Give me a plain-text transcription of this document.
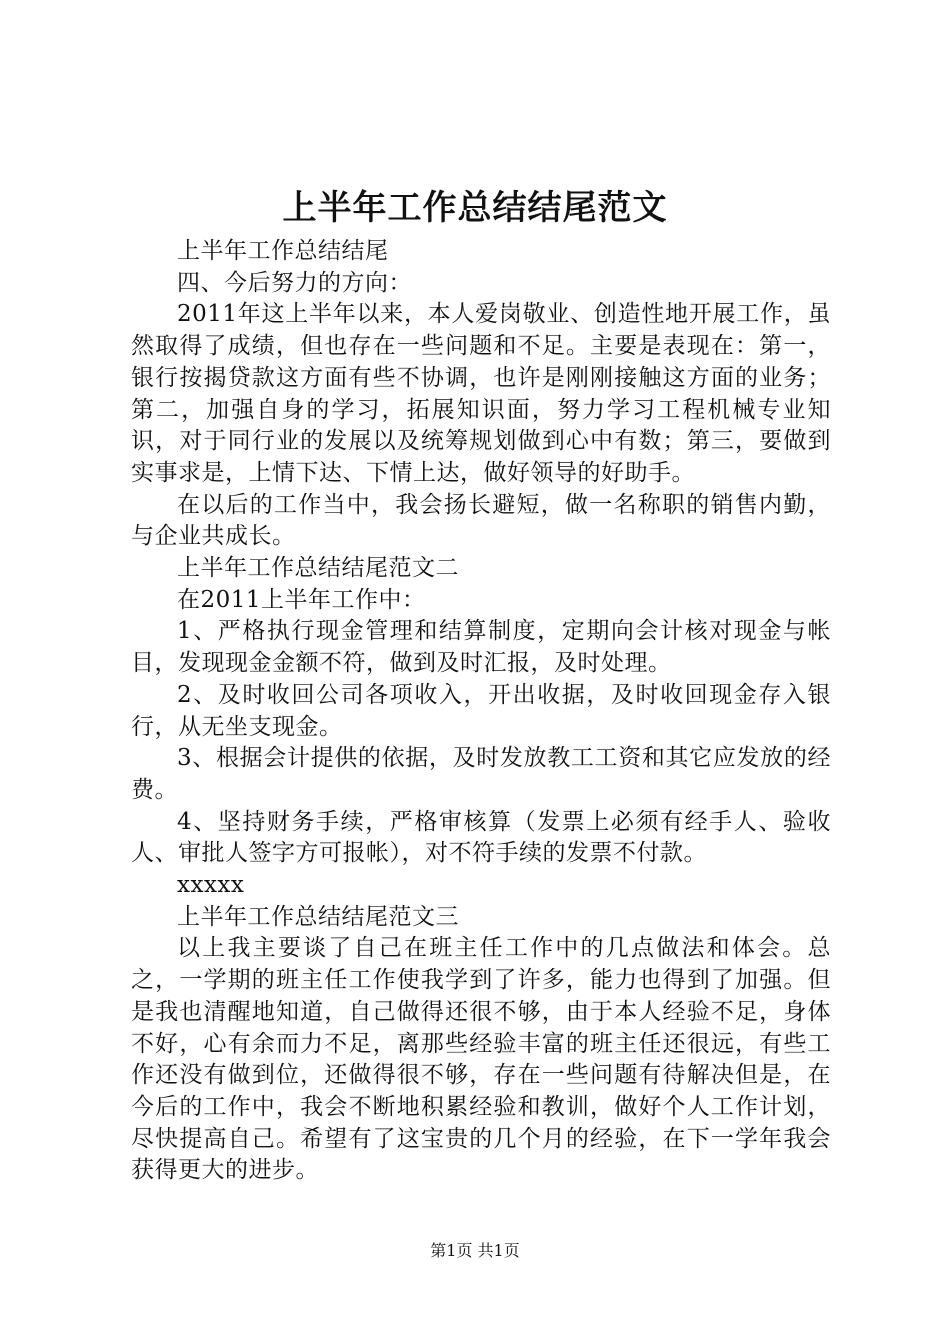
上半年工作总结结尾范文

上半年工作总结结尾

四、今后努力的方向：

2011年这上半年以来，本人爱岗敬业、创造性地开展工作，虽然取得了成绩，但也存在一些问题和不足。主要是表现在：第一，银行按揭贷款这方面有些不协调，也许是刚刚接触这方面的业务；第二，加强自身的学习，拓展知识面，努力学习工程机械专业知识，对于同行业的发展以及统筹规划做到心中有数；第三，要做到实事求是，上情下达、下情上达，做好领导的好助手。

在以后的工作当中，我会扬长避短，做一名称职的销售内勤，与企业共成长。

上半年工作总结结尾范文二

在2011上半年工作中：

1、严格执行现金管理和结算制度，定期向会计核对现金与帐目，发现现金金额不符，做到及时汇报，及时处理。

2、及时收回公司各项收入，开出收据，及时收回现金存入银行，从无坐支现金。

3、根据会计提供的依据，及时发放教工工资和其它应发放的经费。

4、坚持财务手续，严格审核算（发票上必须有经手人、验收人、审批人签字方可报帐），对不符手续的发票不付款。

xxxxx

上半年工作总结结尾范文三

以上我主要谈了自己在班主任工作中的几点做法和体会。总之，一学期的班主任工作使我学到了许多，能力也得到了加强。但是我也清醒地知道，自己做得还很不够，由于本人经验不足，身体不好，心有余而力不足，离那些经验丰富的班主任还很远，有些工作还没有做到位，还做得很不够，存在一些问题有待解决但是，在今后的工作中，我会不断地积累经验和教训，做好个人工作计划，尽快提高自己。希望有了这宝贵的几个月的经验，在下一学年我会获得更大的进步。

第1页 共1页
